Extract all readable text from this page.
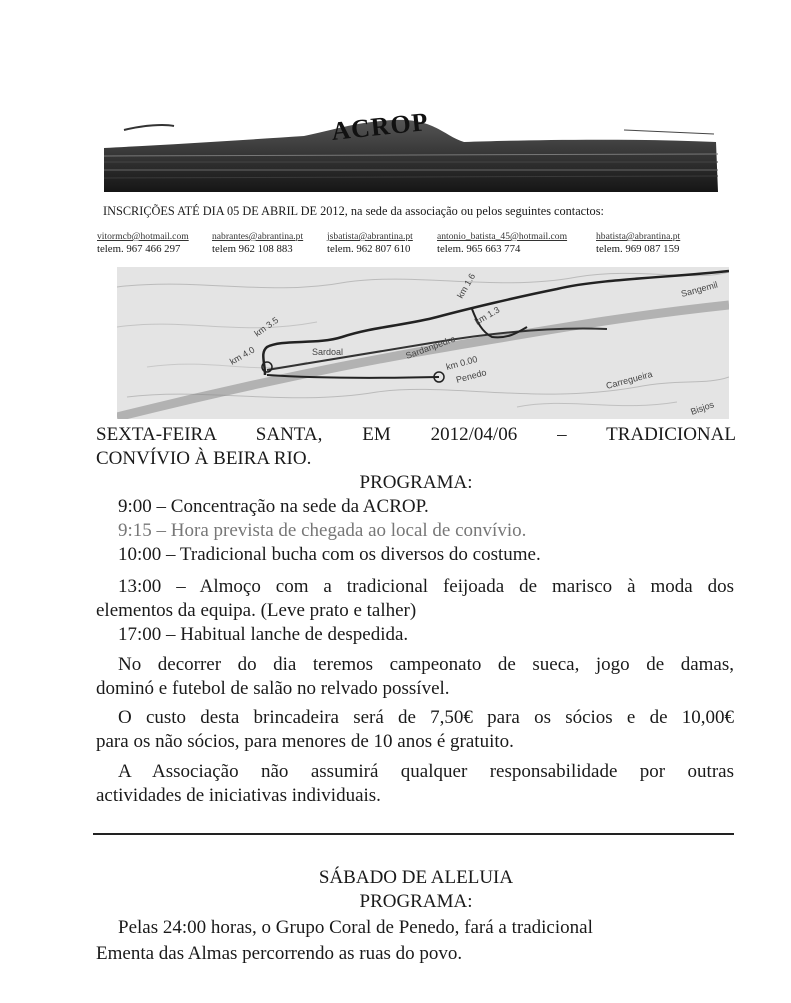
ACROP
INSCRIÇÕES ATÉ DIA 05 DE ABRIL DE 2012, na sede da associação ou pelos seguintes contactos:
vitormcb@hotmail.com
telem. 967 466 297
nabrantes@abrantina.pt
telem 962 108 883
jsbatista@abrantina.pt
telem. 962 807 610
antonio_batista_45@hotmail.com
telem. 965 663 774
hbatista@abrantina.pt
telem. 969 087 159
km 1.6
km 1.3
km 3.5
km 4.0	km 0.00
Penedo
Sangemil
Carregueira
Bisjos
Sardoal	Sardanpedro
SEXTA-FEIRA SANTA, EM 2012/04/06 – TRADICIONAL
CONVÍVIO À BEIRA RIO.
PROGRAMA:
9:00 – Concentração na sede da ACROP.
9:15 – Hora prevista de chegada ao local de convívio.
10:00 – Tradicional bucha com os diversos do costume.
13:00 – Almoço com a tradicional feijoada de marisco à moda dos
elementos da equipa. (Leve prato e talher)
17:00 – Habitual lanche de despedida.
No decorrer do dia teremos campeonato de sueca, jogo de damas,
dominó e futebol de salão no relvado possível.
O custo desta brincadeira será de 7,50€ para os sócios e de 10,00€
para os não sócios, para menores de 10 anos é gratuito.
A Associação não assumirá qualquer responsabilidade por outras
actividades de iniciativas individuais.
SÁBADO DE ALELUIA
PROGRAMA:
Pelas 24:00 horas, o Grupo Coral de Penedo, fará a tradicional
Ementa das Almas percorrendo as ruas do povo.
